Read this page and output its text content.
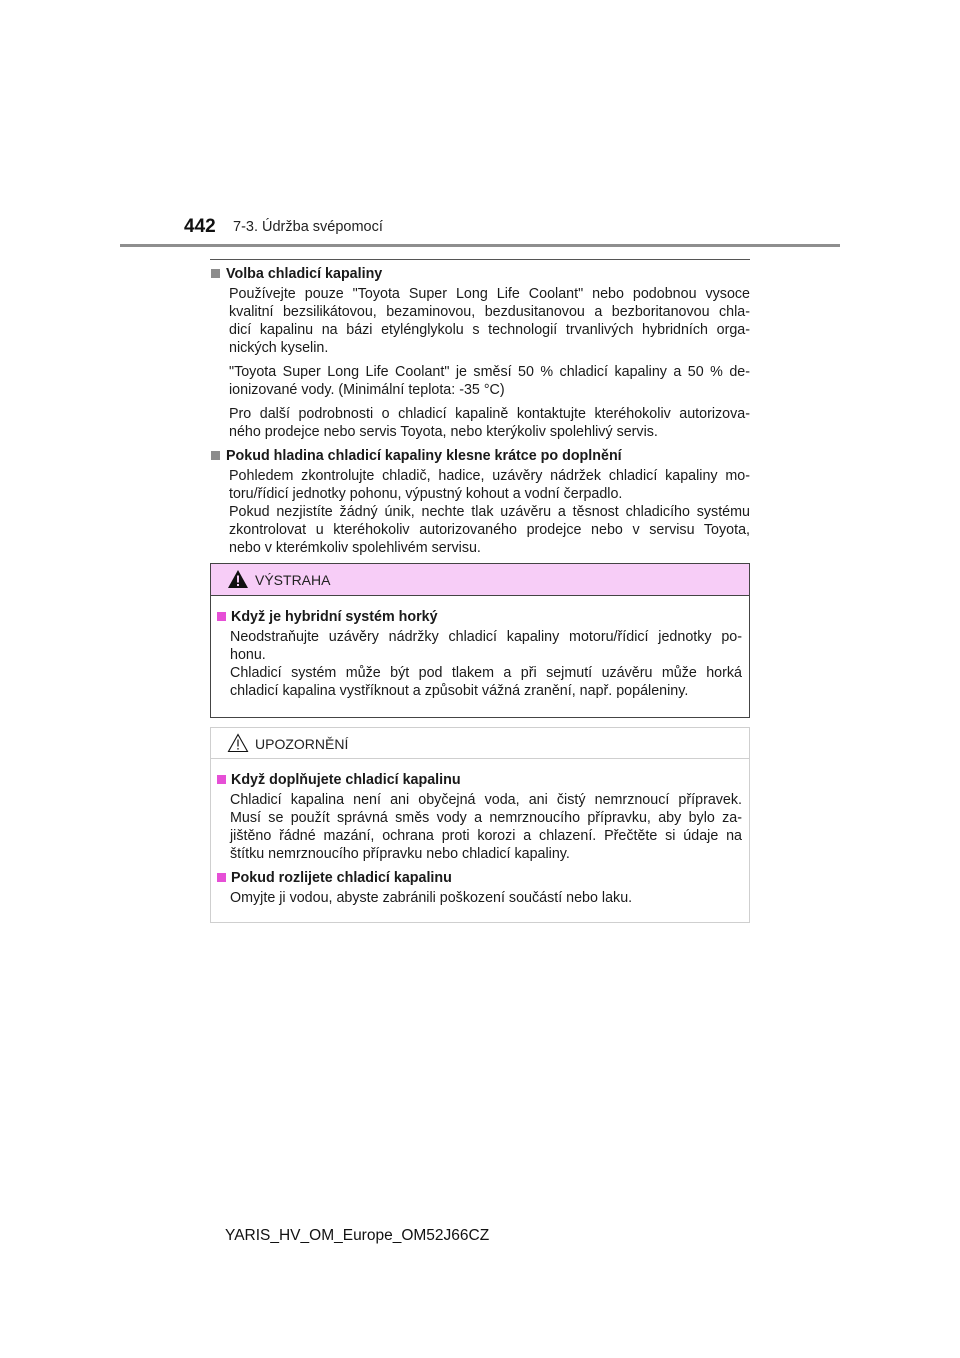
442 7-3. Údržba svépomocí
Volba chladicí kapaliny
Používejte pouze "Toyota Super Long Life Coolant" nebo podobnou vysoce
kvalitní bezsilikátovou, bezaminovou, bezdusitanovou a bezboritanovou chla-
dicí kapalinu na bázi etylénglykolu s technologií trvanlivých hybridních orga-
nických kyselin.
"Toyota Super Long Life Coolant" je směsí 50 % chladicí kapaliny a 50 % de-
ionizované vody. (Minimální teplota: -35 °C)
Pro další podrobnosti o chladicí kapalině kontaktujte kteréhokoliv autorizova-
ného prodejce nebo servis Toyota, nebo kterýkoliv spolehlivý servis.
Pokud hladina chladicí kapaliny klesne krátce po doplnění
Pohledem zkontrolujte chladič, hadice, uzávěry nádržek chladicí kapaliny mo-
toru/řídicí jednotky pohonu, výpustný kohout a vodní čerpadlo.
Pokud nezjistíte žádný únik, nechte tlak uzávěru a těsnost chladicího systému
zkontrolovat u kteréhokoliv autorizovaného prodejce nebo v servisu Toyota,
nebo v kterémkoliv spolehlivém servisu.
VÝSTRAHA
Když je hybridní systém horký
Neodstraňujte uzávěry nádržky chladicí kapaliny motoru/řídicí jednotky po-
honu.
Chladicí systém může být pod tlakem a při sejmutí uzávěru může horká
chladicí kapalina vystříknout a způsobit vážná zranění, např. popáleniny.
UPOZORNĚNÍ
Když doplňujete chladicí kapalinu
Chladicí kapalina není ani obyčejná voda, ani čistý nemrznoucí přípravek.
Musí se použít správná směs vody a nemrznoucího přípravku, aby bylo za-
jištěno řádné mazání, ochrana proti korozi a chlazení. Přečtěte si údaje na
štítku nemrznoucího přípravku nebo chladicí kapaliny.
Pokud rozlijete chladicí kapalinu
Omyjte ji vodou, abyste zabránili poškození součástí nebo laku.
YARIS_HV_OM_Europe_OM52J66CZ
